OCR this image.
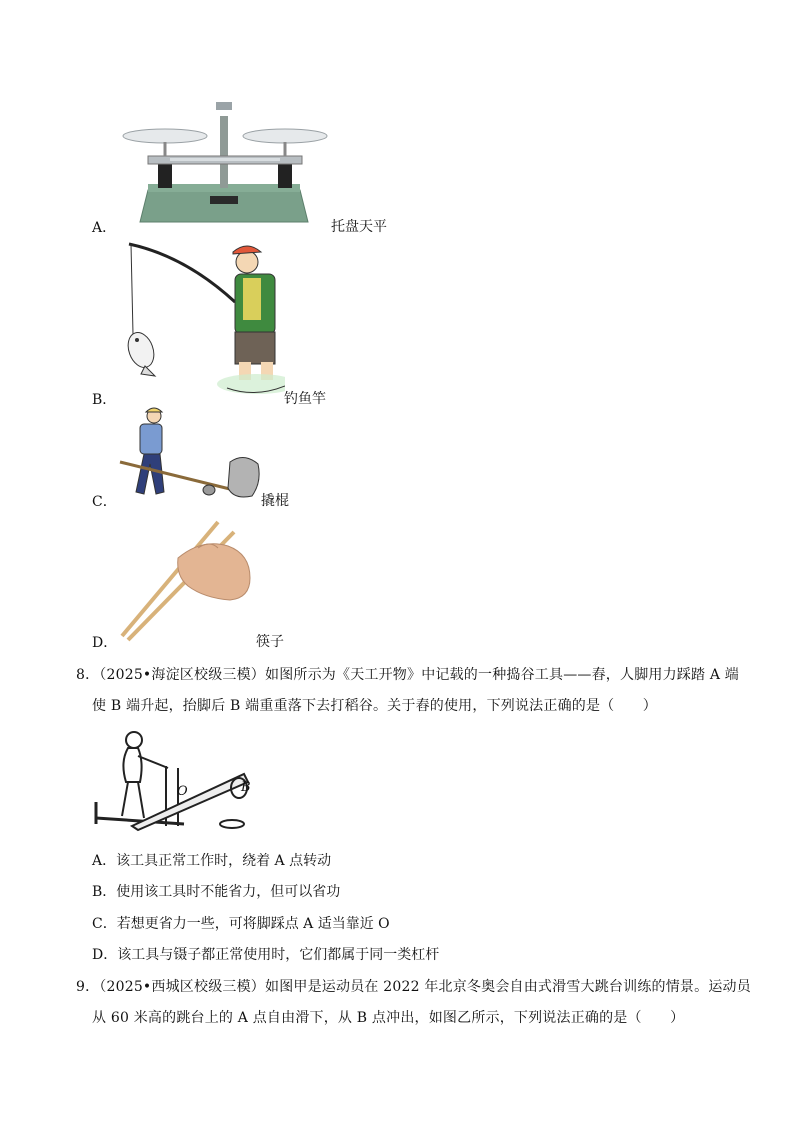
A．	托盘天平
B．	钓鱼竿
C．	撬棍
D．	筷子
8．（2025•海淀区校级三模）如图所示为《天工开物》中记载的一种捣谷工具——舂，人脚用力踩踏 A 端
使 B 端升起，抬脚后 B 端重重落下去打稻谷。关于舂的使用，下列说法正确的是（　　）
O	B
A．该工具正常工作时，绕着 A 点转动
B．使用该工具时不能省力，但可以省功
C．若想更省力一些，可将脚踩点 A 适当靠近 O
D．该工具与镊子都正常使用时，它们都属于同一类杠杆
9．（2025•西城区校级三模）如图甲是运动员在 2022 年北京冬奥会自由式滑雪大跳台训练的情景。运动员
从 60 米高的跳台上的 A 点自由滑下，从 B 点冲出，如图乙所示，下列说法正确的是（　　）
